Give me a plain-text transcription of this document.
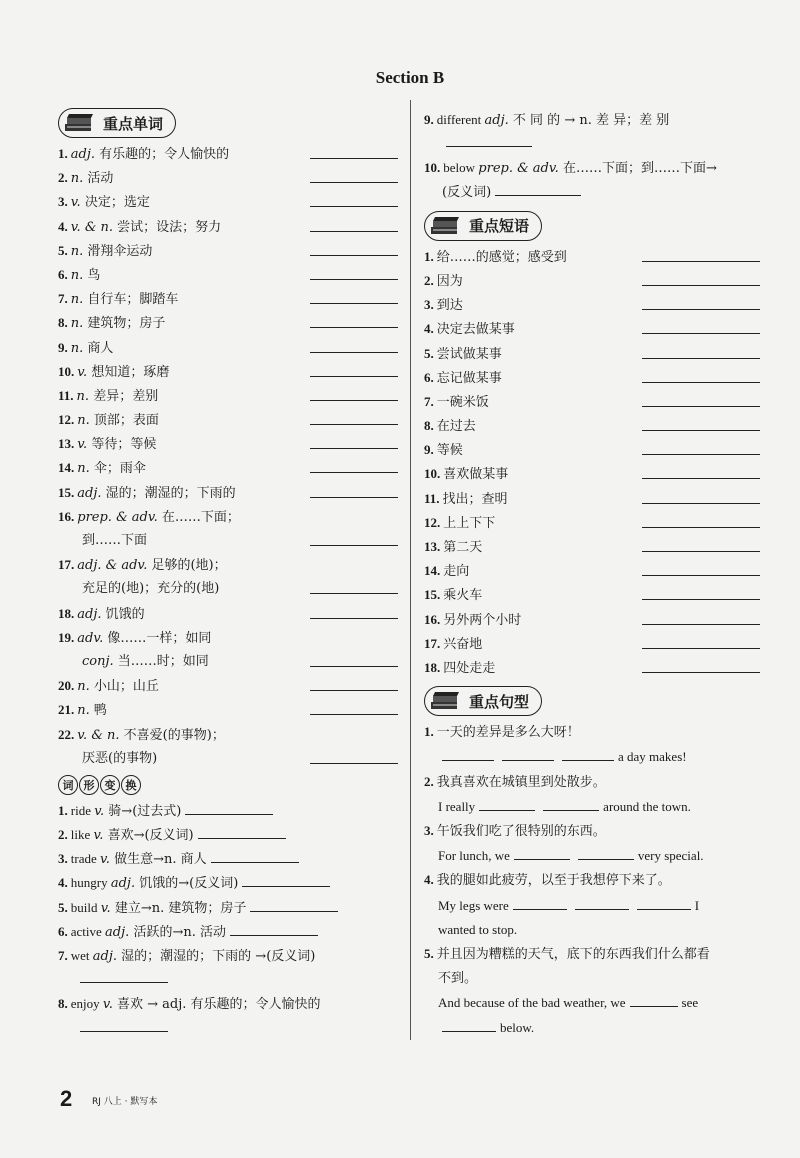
Section B
重点单词
1. adj. 有乐趣的；令人愉快的
2. n. 活动
3. v. 决定；选定
4. v. & n. 尝试；设法；努力
5. n. 滑翔伞运动
6. n. 鸟
7. n. 自行车；脚踏车
8. n. 建筑物；房子
9. n. 商人
10. v. 想知道；琢磨
11. n. 差异；差别
12. n. 顶部；表面
13. v. 等待；等候
14. n. 伞；雨伞
15. adj. 湿的；潮湿的；下雨的
16. prep. & adv. 在……下面；
到……下面
17. adj. & adv. 足够的(地)；
充足的(地)；充分的(地)
18. adj. 饥饿的
19. adv. 像……一样；如同
conj. 当……时；如同
20. n. 小山；山丘
21. n. 鸭
22. v. & n. 不喜爱(的事物)；
厌恶(的事物)
词 形 变 换
1. ride v. 骑→(过去式)
2. like v. 喜欢→(反义词)
3. trade v. 做生意→n. 商人
4. hungry adj. 饥饿的→(反义词)
5. build v. 建立→n. 建筑物；房子
6. active adj. 活跃的→n. 活动
7. wet adj. 湿的；潮湿的；下雨的 →(反义词)
8. enjoy v. 喜欢 → adj. 有乐趣的；令人愉快的
9. different adj. 不 同 的 → n. 差 异；差 别
10. below prep. & adv. 在……下面；到……下面→
(反义词)
重点短语
1. 给……的感觉；感受到
2. 因为
3. 到达
4. 决定去做某事
5. 尝试做某事
6. 忘记做某事
7. 一碗米饭
8. 在过去
9. 等候
10. 喜欢做某事
11. 找出；查明
12. 上上下下
13. 第二天
14. 走向
15. 乘火车
16. 另外两个小时
17. 兴奋地
18. 四处走走
重点句型
1. 一天的差异是多么大呀！
a day makes!
2. 我真喜欢在城镇里到处散步。
I really	around the town.
3. 午饭我们吃了很特别的东西。
For lunch, we	very special.
4. 我的腿如此疲劳，以至于我想停下来了。
My legs were	I
wanted to stop.
5. 并且因为糟糕的天气，底下的东西我们什么都看
不到。
And because of the bad weather, we	see
below.
2 RJ 八上 · 默写本
